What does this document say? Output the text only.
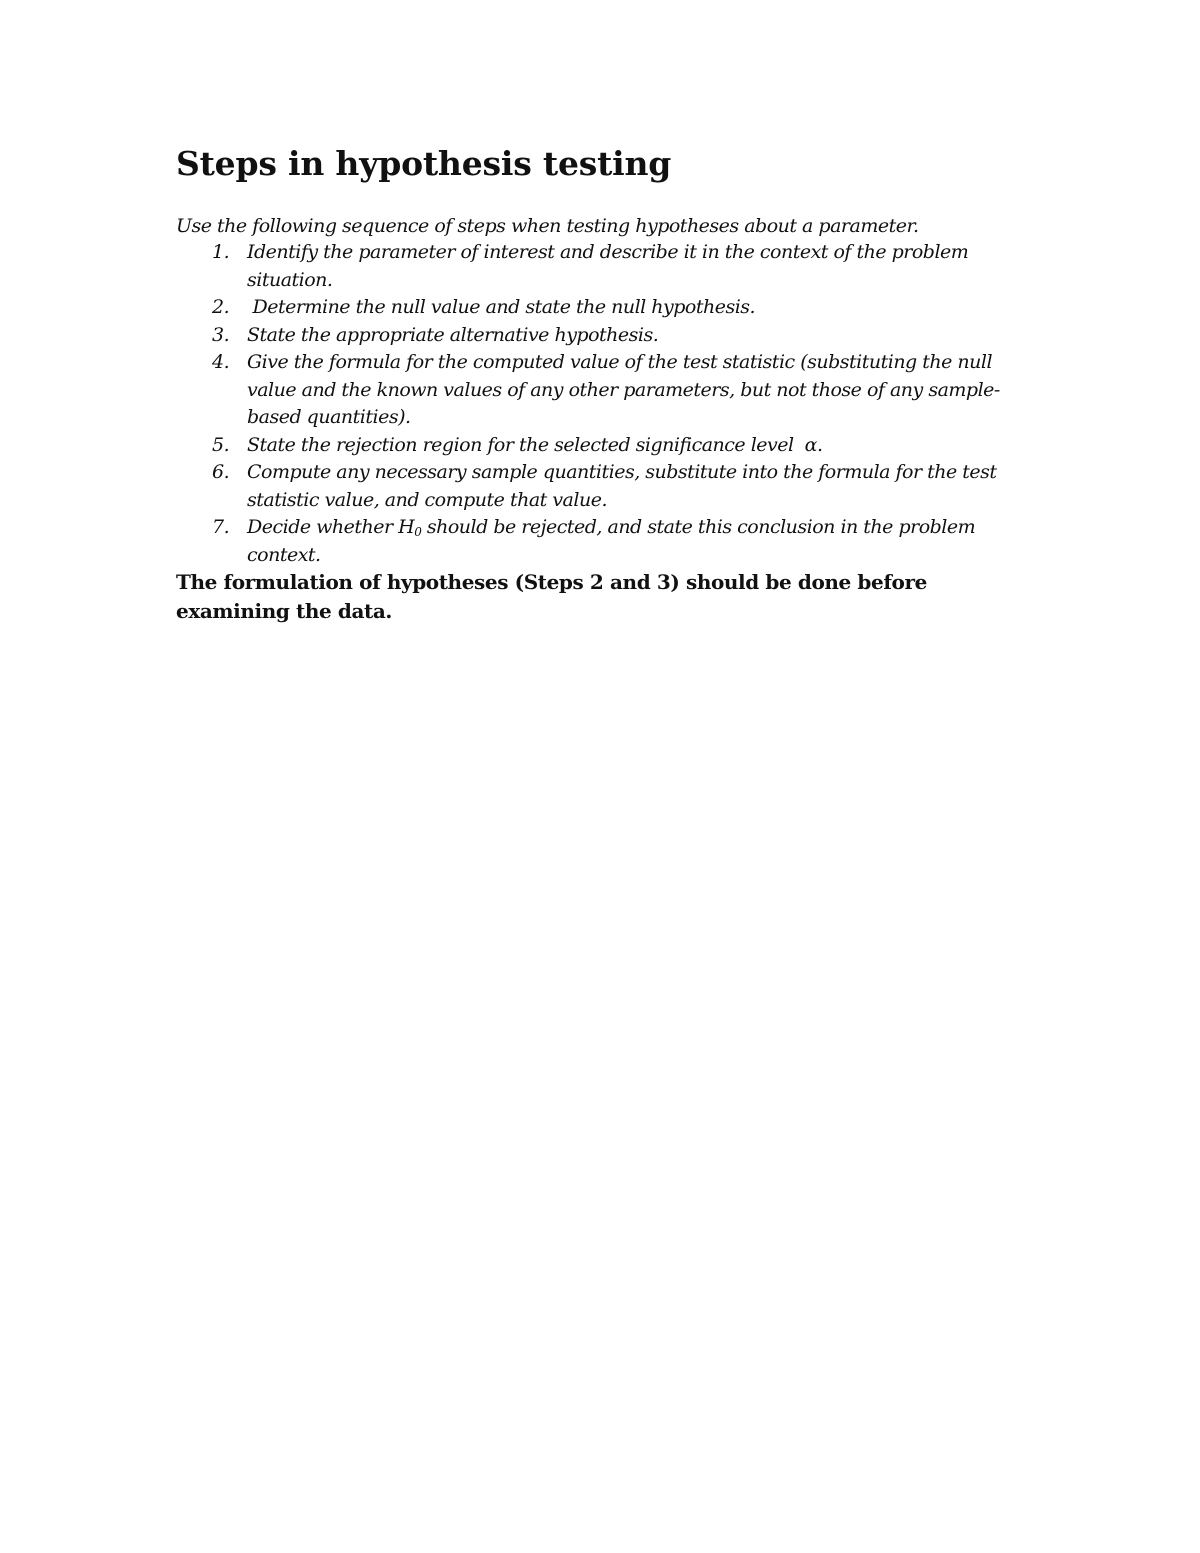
Steps in hypothesis testing

Use the following sequence of steps when testing hypotheses about a parameter.

1. Identify the parameter of interest and describe it in the context of the problem situation.
2. Determine the null value and state the null hypothesis.
3. State the appropriate alternative hypothesis.
4. Give the formula for the computed value of the test statistic (substituting the null value and the known values of any other parameters, but not those of any sample-based quantities).
5. State the rejection region for the selected significance level  α.
6. Compute any necessary sample quantities, substitute into the formula for the test statistic value, and compute that value.
7. Decide whether $H_0$ should be rejected, and state this conclusion in the problem context.

The formulation of hypotheses (Steps 2 and 3) should be done before examining the data.
